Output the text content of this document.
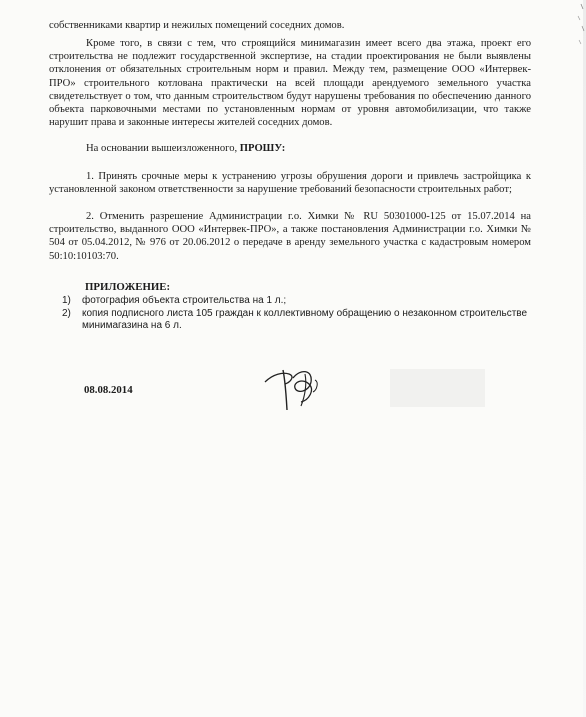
собственниками квартир и нежилых помещений соседних домов.

Кроме того, в связи с тем, что строящийся минимагазин имеет всего два этажа, проект его строительства не подлежит государственной экспертизе, на стадии проектирования не были выявлены отклонения от обязательных строительным норм и правил. Между тем, размещение ООО «Интервек-ПРО» строительного котлована практически на всей площади арендуемого земельного участка свидетельствует о том, что данным строительством будут нарушены требования по обеспечению данного объекта парковочными местами по установленным нормам от уровня автомобилизации, что также нарушит права и законные интересы жителей соседних домов.

На основании вышеизложенного, ПРОШУ:

1. Принять срочные меры к устранению угрозы обрушения дороги и привлечь застройщика к установленной законом ответственности за нарушение требований безопасности строительных работ;

2. Отменить разрешение Администрации г.о. Химки № RU 50301000-125 от 15.07.2014 на строительство, выданного ООО «Интервек-ПРО», а также постановления Администрации г.о. Химки № 504 от 05.04.2012, № 976 от 20.06.2012 о передаче в аренду земельного участка с кадастровым номером 50:10:10103:70.

ПРИЛОЖЕНИЕ:
1)	фотография объекта строительства на 1 л.;
2)	копия подписного листа 105 граждан к коллективному обращению о незаконном строительстве минимагазина на 6 л.
08.08.2014
